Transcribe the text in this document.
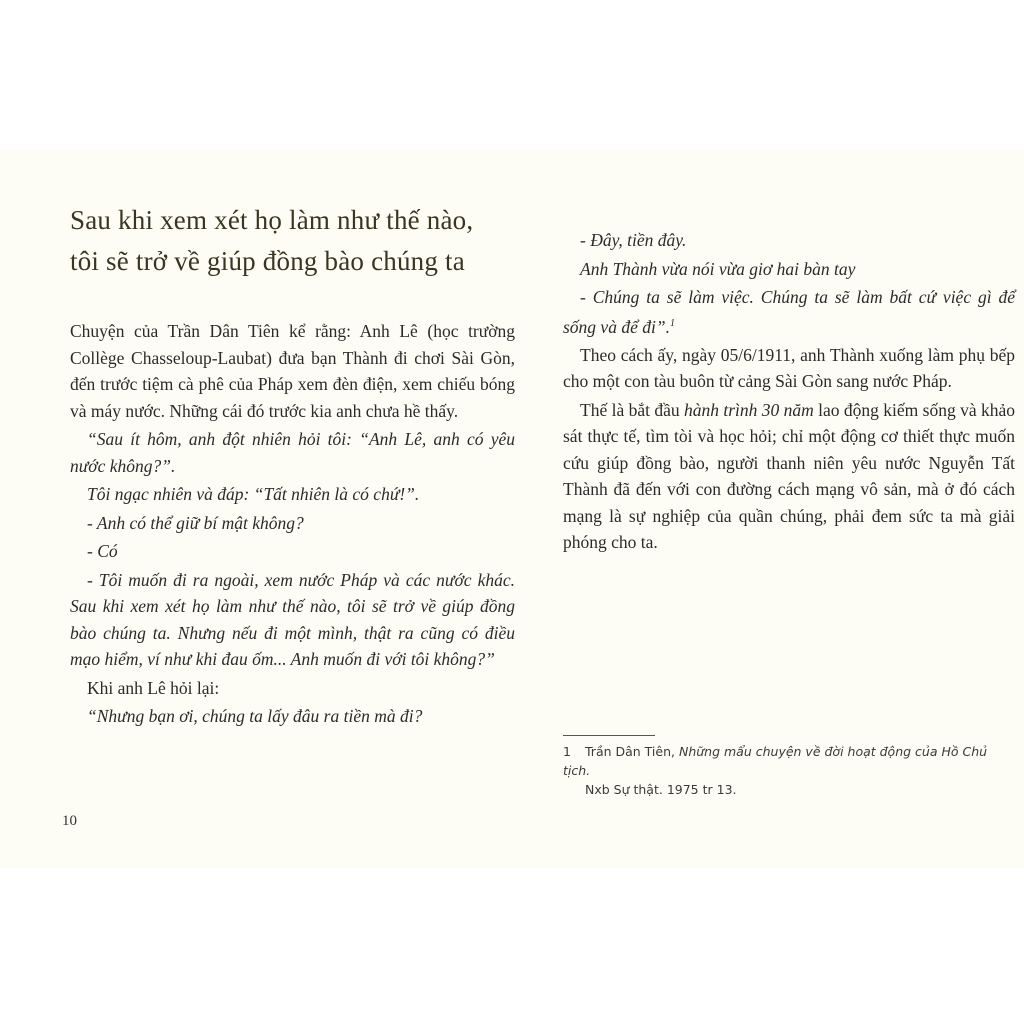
Sau khi xem xét họ làm như thế nào,
tôi sẽ trở về giúp đồng bào chúng ta

Chuyện của Trần Dân Tiên kể rằng: Anh Lê (học trường Collège Chasseloup-Laubat) đưa bạn Thành đi chơi Sài Gòn, đến trước tiệm cà phê của Pháp xem đèn điện, xem chiếu bóng và máy nước. Những cái đó trước kia anh chưa hề thấy.

“Sau ít hôm, anh đột nhiên hỏi tôi: “Anh Lê, anh có yêu nước không?”.

Tôi ngạc nhiên và đáp: “Tất nhiên là có chứ!”.

- Anh có thể giữ bí mật không?

- Có

- Tôi muốn đi ra ngoài, xem nước Pháp và các nước khác. Sau khi xem xét họ làm như thế nào, tôi sẽ trở về giúp đồng bào chúng ta. Nhưng nếu đi một mình, thật ra cũng có điều mạo hiểm, ví như khi đau ốm... Anh muốn đi với tôi không?”

Khi anh Lê hỏi lại:

“Nhưng bạn ơi, chúng ta lấy đâu ra tiền mà đi?

- Đây, tiền đây.

Anh Thành vừa nói vừa giơ hai bàn tay

- Chúng ta sẽ làm việc. Chúng ta sẽ làm bất cứ việc gì để sống và để đi”.$^1$

Theo cách ấy, ngày 05/6/1911, anh Thành xuống làm phụ bếp cho một con tàu buôn từ cảng Sài Gòn sang nước Pháp.

Thế là bắt đầu hành trình 30 năm lao động kiếm sống và khảo sát thực tế, tìm tòi và học hỏi; chỉ một động cơ thiết thực muốn cứu giúp đồng bào, người thanh niên yêu nước Nguyễn Tất Thành đã đến với con đường cách mạng vô sản, mà ở đó cách mạng là sự nghiệp của quần chúng, phải đem sức ta mà giải phóng cho ta.

1 Trần Dân Tiên, Những mẩu chuyện về đời hoạt động của Hồ Chủ tịch.
Nxb Sự thật. 1975 tr 13.
10
